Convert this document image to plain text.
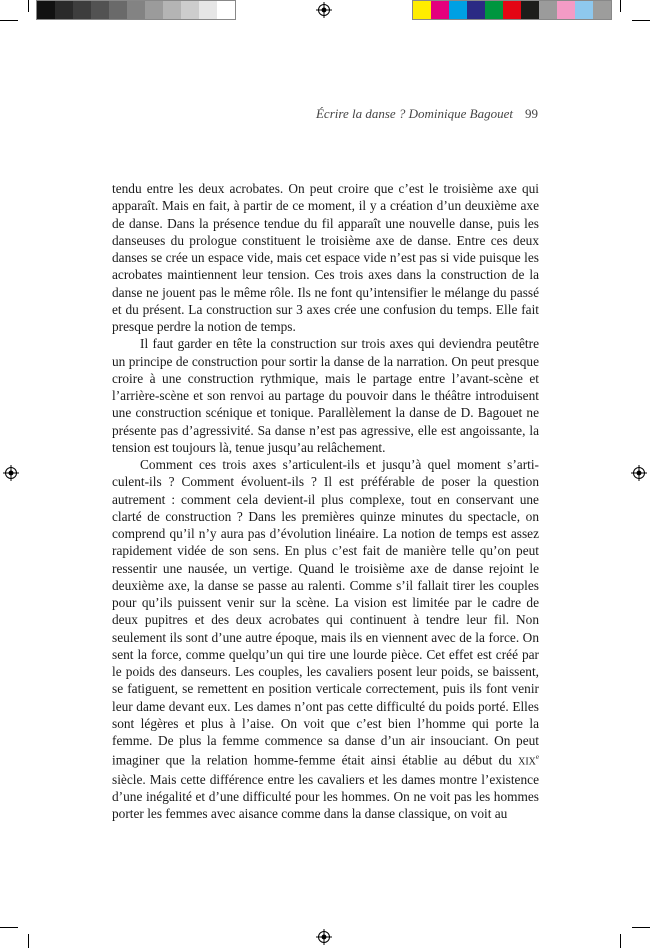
Écrire la danse ? Dominique Bagouet 99

tendu entre les deux acrobates. On peut croire que c’est le troisième axe qui apparaît. Mais en fait, à partir de ce moment, il y a création d’un deuxième axe de danse. Dans la présence tendue du fil apparaît une nouvelle danse, puis les danseuses du prologue constituent le troisième axe de danse. Entre ces deux danses se crée un espace vide, mais cet espace vide n’est pas si vide puisque les acrobates maintiennent leur tension. Ces trois axes dans la construction de la danse ne jouent pas le même rôle. Ils ne font qu’intensifier le mélange du passé et du présent. La construction sur 3 axes crée une confusion du temps. Elle fait presque perdre la notion de temps.

Il faut garder en tête la construction sur trois axes qui deviendra peutêtre un principe de construction pour sortir la danse de la narration. On peut presque croire à une construction rythmique, mais le partage entre l’avant-scène et l’arrière-scène et son renvoi au partage du pouvoir dans le théâtre introduisent une construction scénique et tonique. Parallèlement la danse de D. Bagouet ne présente pas d’agressivité. Sa danse n’est pas agressive, elle est angoissante, la tension est toujours là, tenue jusqu’au relâchement.

Comment ces trois axes s’articulent-ils et jusqu’à quel moment s’articulent-ils ? Comment évoluent-ils ? Il est préférable de poser la question autrement : comment cela devient-il plus complexe, tout en conservant une clarté de construction ? Dans les premières quinze minutes du spectacle, on comprend qu’il n’y aura pas d’évolution linéaire. La notion de temps est assez rapidement vidée de son sens. En plus c’est fait de manière telle qu’on peut ressentir une nausée, un vertige. Quand le troisième axe de danse rejoint le deuxième axe, la danse se passe au ralenti. Comme s’il fallait tirer les couples pour qu’ils puissent venir sur la scène. La vision est limitée par le cadre de deux pupitres et des deux acrobates qui continuent à tendre leur fil. Non seulement ils sont d’une autre époque, mais ils en viennent avec de la force. On sent la force, comme quelqu’un qui tire une lourde pièce. Cet effet est créé par le poids des danseurs. Les couples, les cavaliers posent leur poids, se baissent, se fatiguent, se remettent en position verticale correctement, puis ils font venir leur dame devant eux. Les dames n’ont pas cette difficulté du poids porté. Elles sont légères et plus à l’aise. On voit que c’est bien l’homme qui porte la femme. De plus la femme commence sa danse d’un air insouciant. On peut imaginer que la relation homme-femme était ainsi établie au début du XIXe siècle. Mais cette différence entre les cavaliers et les dames montre l’existence d’une inégalité et d’une difficulté pour les hommes. On ne voit pas les hommes porter les femmes avec aisance comme dans la danse classique, on voit au
